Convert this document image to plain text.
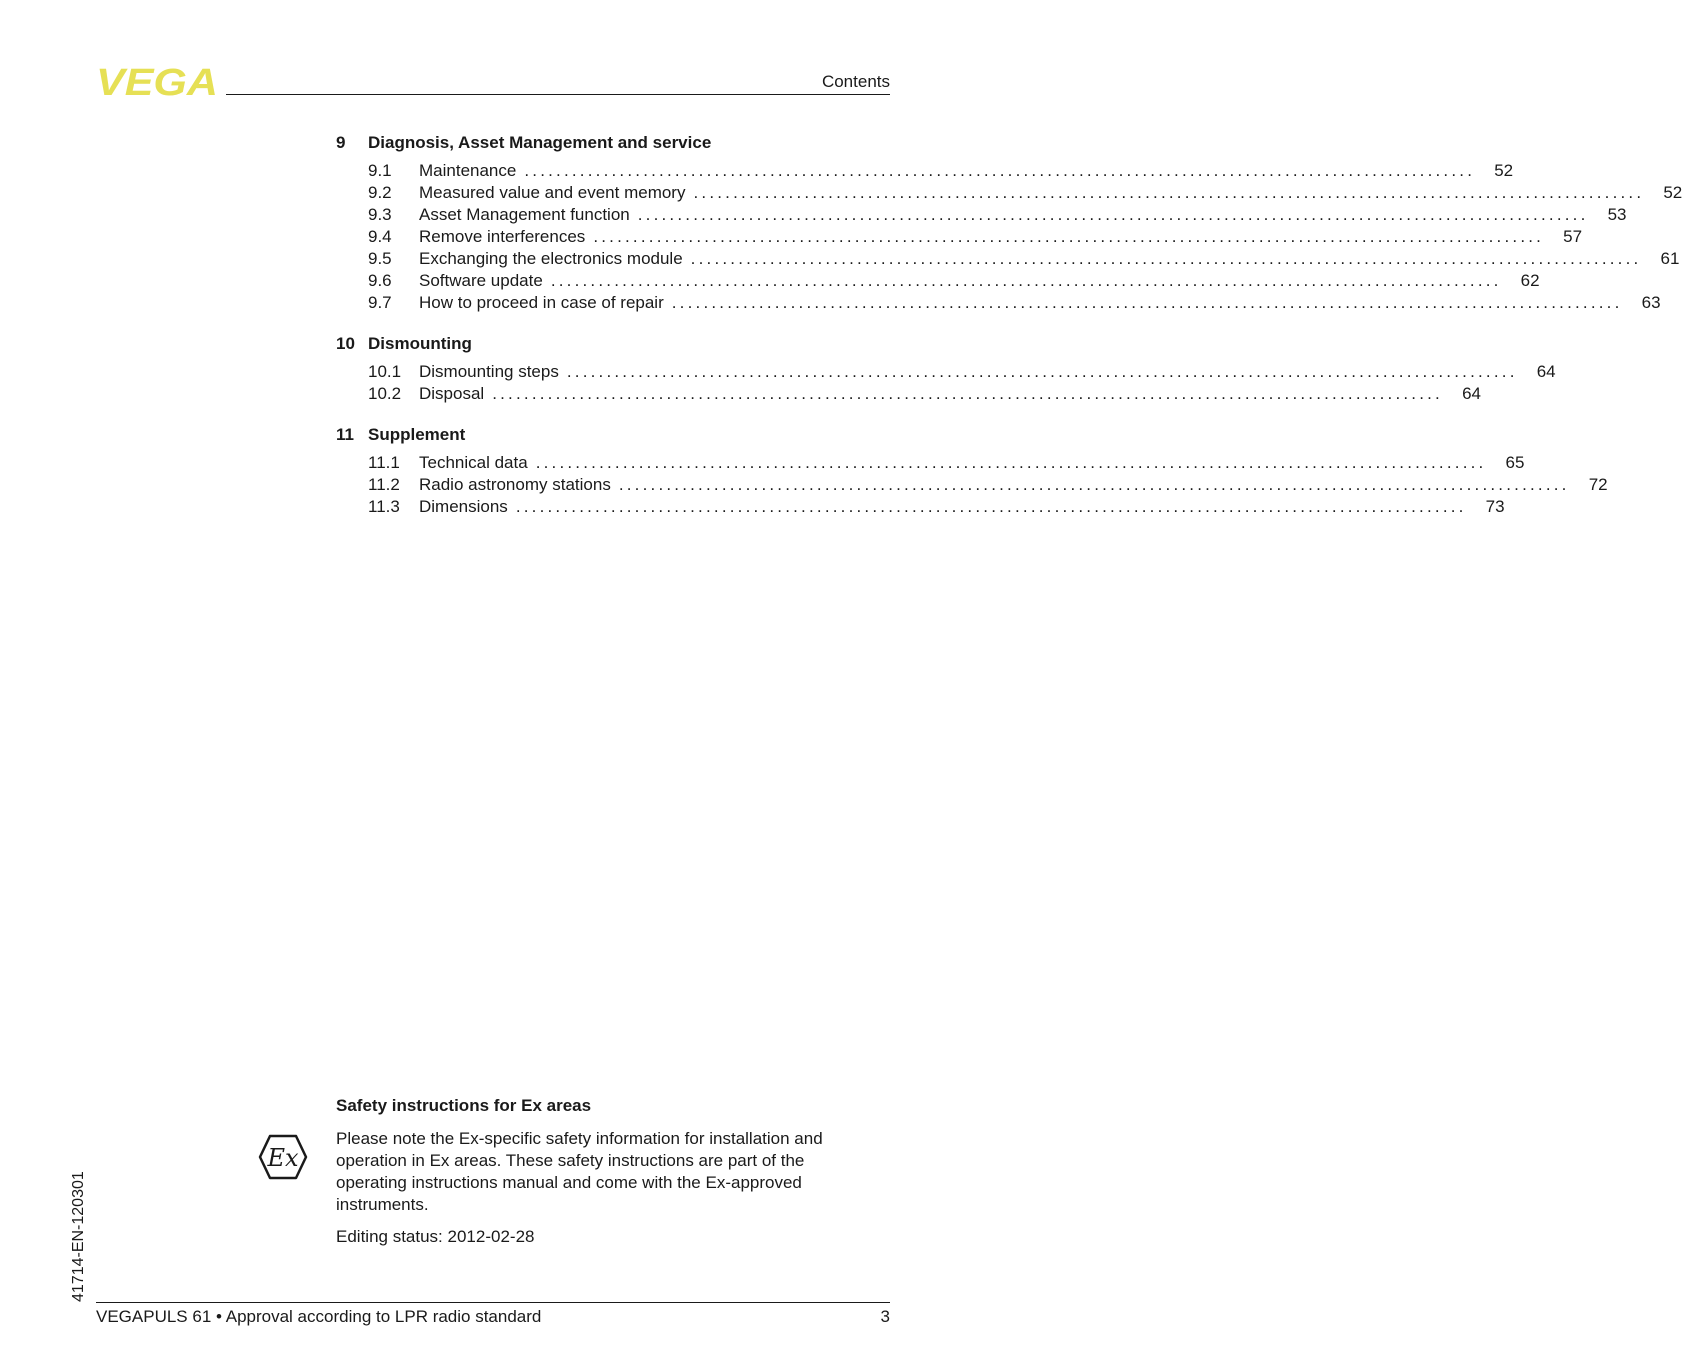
VEGA	Contents
9	Diagnosis, Asset Management and service
9.1	Maintenance ........................................................................................................................	52
9.2	Measured value and event memory ........................................................................................................................	52
9.3	Asset Management function ........................................................................................................................	53
9.4	Remove interferences ........................................................................................................................	57
9.5	Exchanging the electronics module ........................................................................................................................	61
9.6	Software update ........................................................................................................................	62
9.7	How to proceed in case of repair ........................................................................................................................	63
10 Dismounting
10.1	Dismounting steps ........................................................................................................................	64
10.2	Disposal ........................................................................................................................	64
11 Supplement
11.1	Technical data ........................................................................................................................	65
11.2	Radio astronomy stations ........................................................................................................................	72
11.3	Dimensions ........................................................................................................................	73
Safety instructions for Ex areas
Ex
Please note the Ex-specific safety information for installation and operation in Ex areas. These safety instructions are part of the operating instructions manual and come with the Ex-approved instruments.
Editing status: 2012-02-28
41714-EN-120301
VEGAPULS 61 • Approval according to LPR radio standard	3
